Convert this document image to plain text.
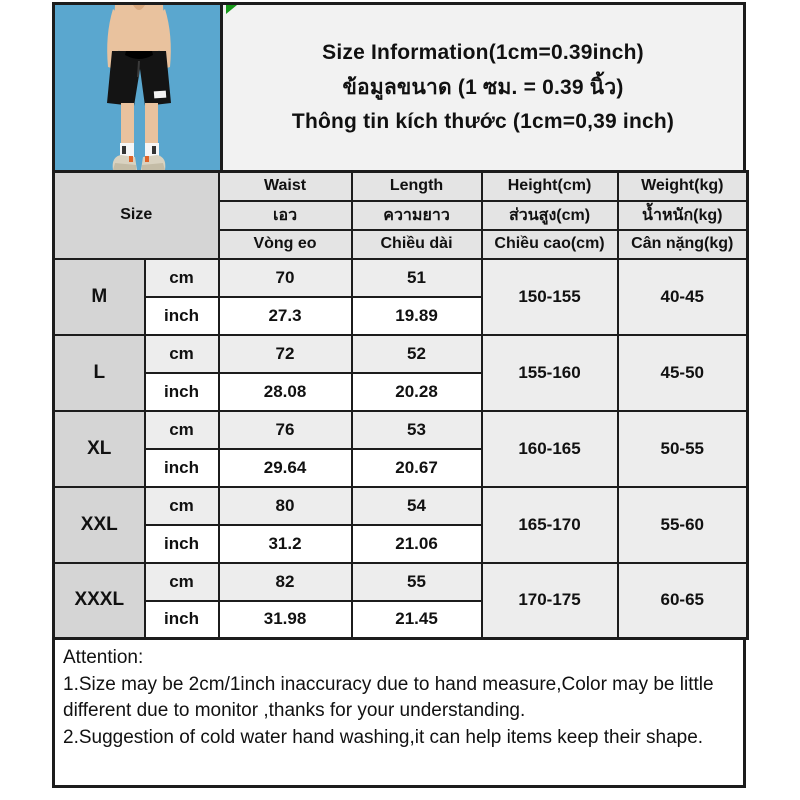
Size Information(1cm=0.39inch)
ข้อมูลขนาด (1 ซม. = 0.39 นิ้ว)
Thông tin kích thước (1cm=0,39 inch)
Size		Waist	Length	Height(cm)	Weight(kg)
		เอว	ความยาว	ส่วนสูง(cm)	น้ำหนัก(kg)
		Vòng eo	Chiều dài	Chiều cao(cm)	Cân nặng(kg)
M	cm	70	51	150-155	40-45
	inch	27.3	19.89		
L	cm	72	52	155-160	45-50
	inch	28.08	20.28		
XL	cm	76	53	160-165	50-55
	inch	29.64	20.67		
XXL	cm	80	54	165-170	55-60
	inch	31.2	21.06		
XXXL	cm	82	55	170-175	60-65
	inch	31.98	21.45		
Attention:
1.Size may be 2cm/1inch inaccuracy due to hand measure,Color may be little different due to monitor ,thanks for your understanding.
2.Suggestion of cold water hand washing,it can help items keep their shape.
